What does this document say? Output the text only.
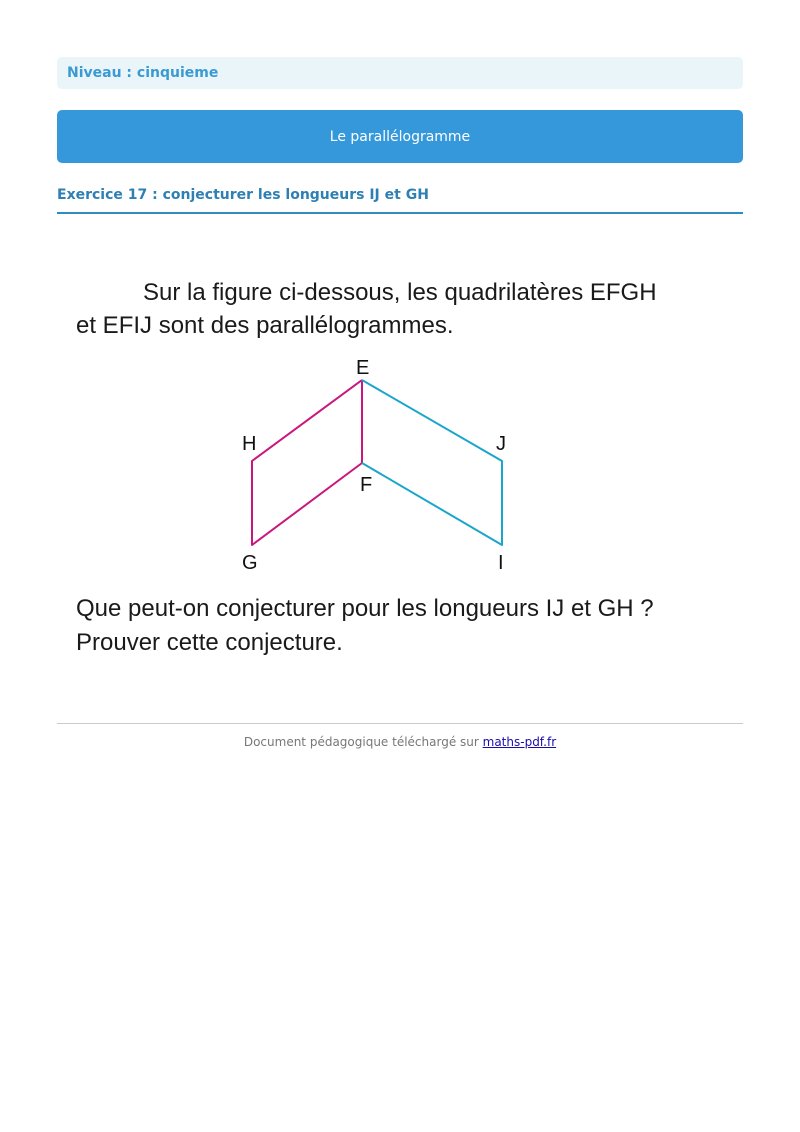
Niveau : cinquieme
Le parallélogramme
Exercice 17 : conjecturer les longueurs IJ et GH

Sur la figure ci-dessous, les quadrilatères EFGH
et EFIJ sont des parallélogrammes.

E
H	J
F
G	I

Que peut-on conjecturer pour les longueurs IJ et GH ?
Prouver cette conjecture.

Document pédagogique téléchargé sur maths-pdf.fr
